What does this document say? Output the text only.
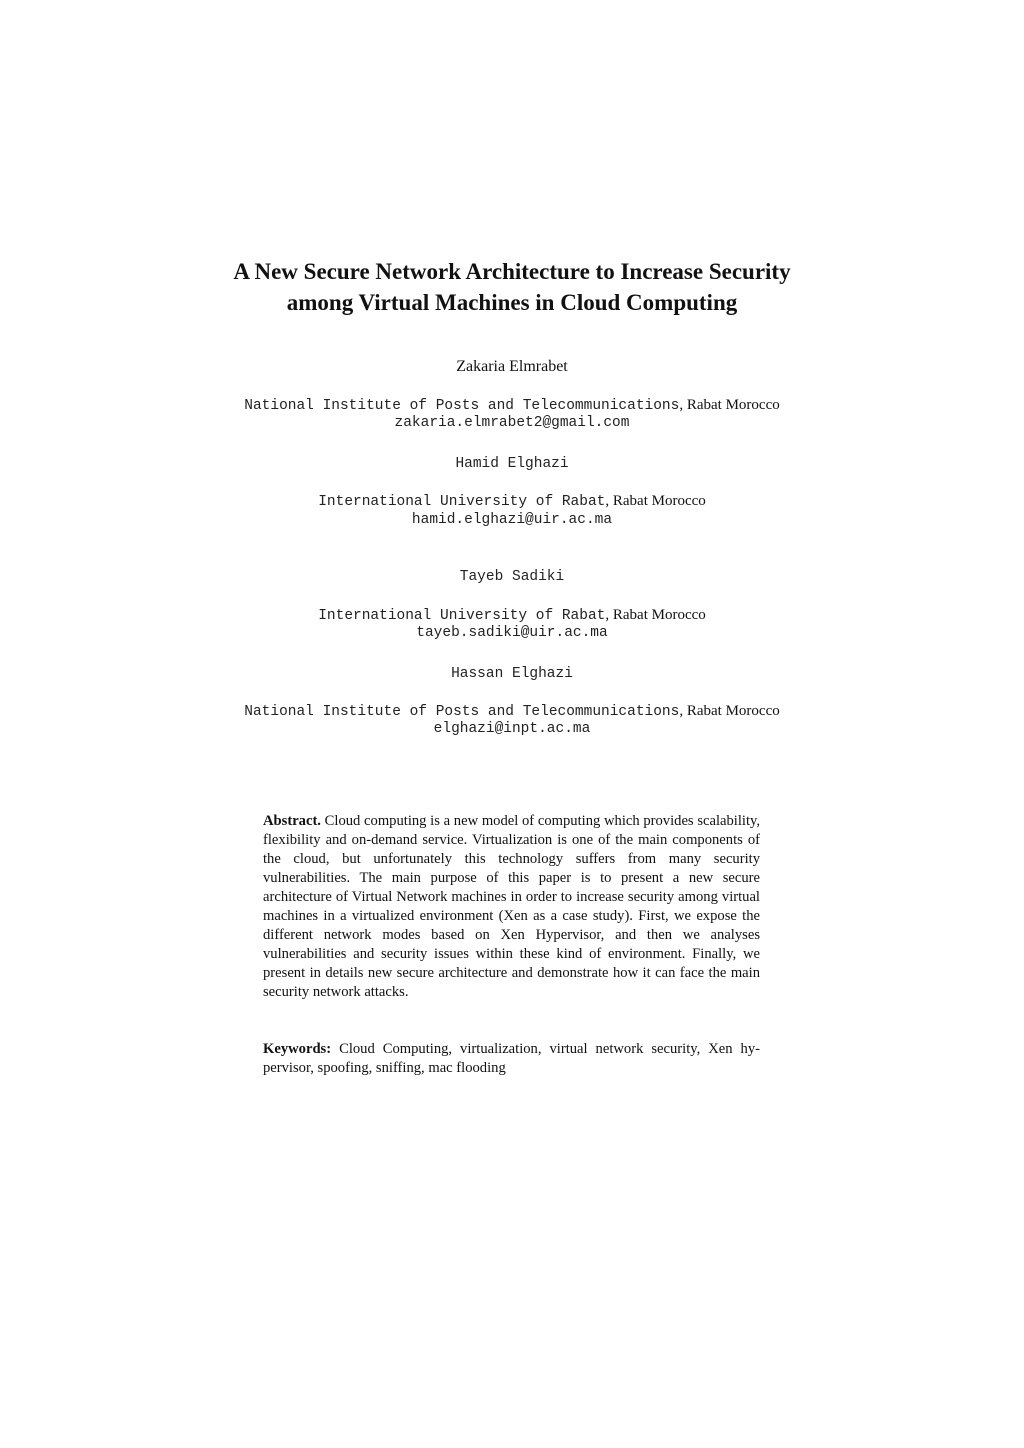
A New Secure Network Architecture to Increase Security
among Virtual Machines in Cloud Computing
Zakaria Elmrabet
National Institute of Posts and Telecommunications, Rabat Morocco
zakaria.elmrabet2@gmail.com
Hamid Elghazi
International University of Rabat, Rabat Morocco
hamid.elghazi@uir.ac.ma
Tayeb Sadiki
International University of Rabat, Rabat Morocco
tayeb.sadiki@uir.ac.ma
Hassan Elghazi
National Institute of Posts and Telecommunications, Rabat Morocco
elghazi@inpt.ac.ma

Abstract. Cloud computing is a new model of computing which provides scalability, flexibility and on-demand service. Virtualization is one of the main components of the cloud, but unfortunately this technology suffers from many security vulnerabilities. The main purpose of this paper is to present a new secure architecture of Virtual Network machines in order to increase security among virtual machines in a virtualized environment (Xen as a case study). First, we expose the different network modes based on Xen Hypervisor, and then we analyses vulnerabilities and security issues within these kind of environment. Finally, we present in details new secure architecture and demonstrate how it can face the main security network attacks.

Keywords: Cloud Computing, virtualization, virtual network security, Xen hypervisor, spoofing, sniffing, mac flooding
